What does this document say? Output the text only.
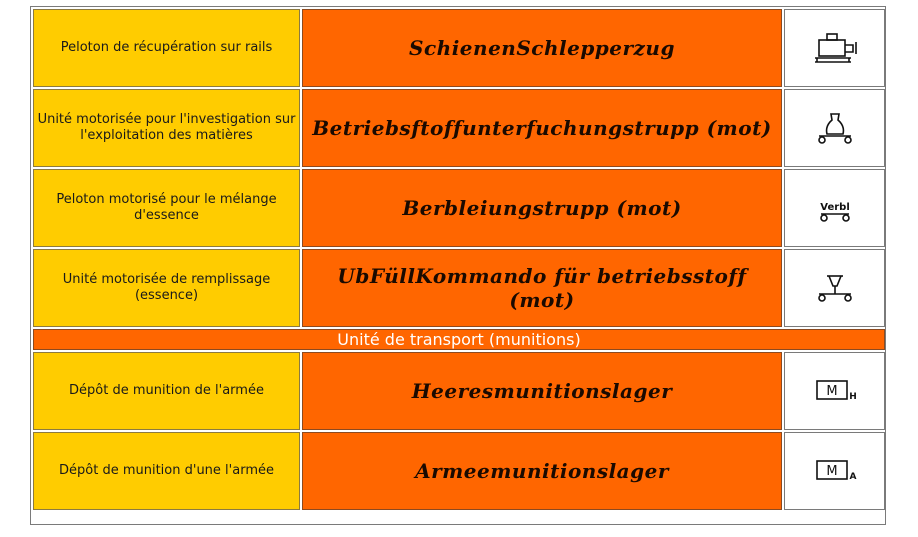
Peloton de récupération sur rails	SchienenSchlepperzug	

Unité motorisée pour l'investigation sur l'exploitation des matières	Betriebsftoffunterfuchungstrupp (mot)	

Peloton motorisé pour le mélange d'essence	Berbleiungstrupp (mot)	Verbl

Unité motorisée de remplissage (essence)	UbFüllKommando für betriebsstoff (mot)	

Unité de transport (munitions)		
Dépôt de munition de l'armée	Heeresmunitionslager	M H

Dépôt de munition d'une l'armée	Armeemunitionslager	M A
